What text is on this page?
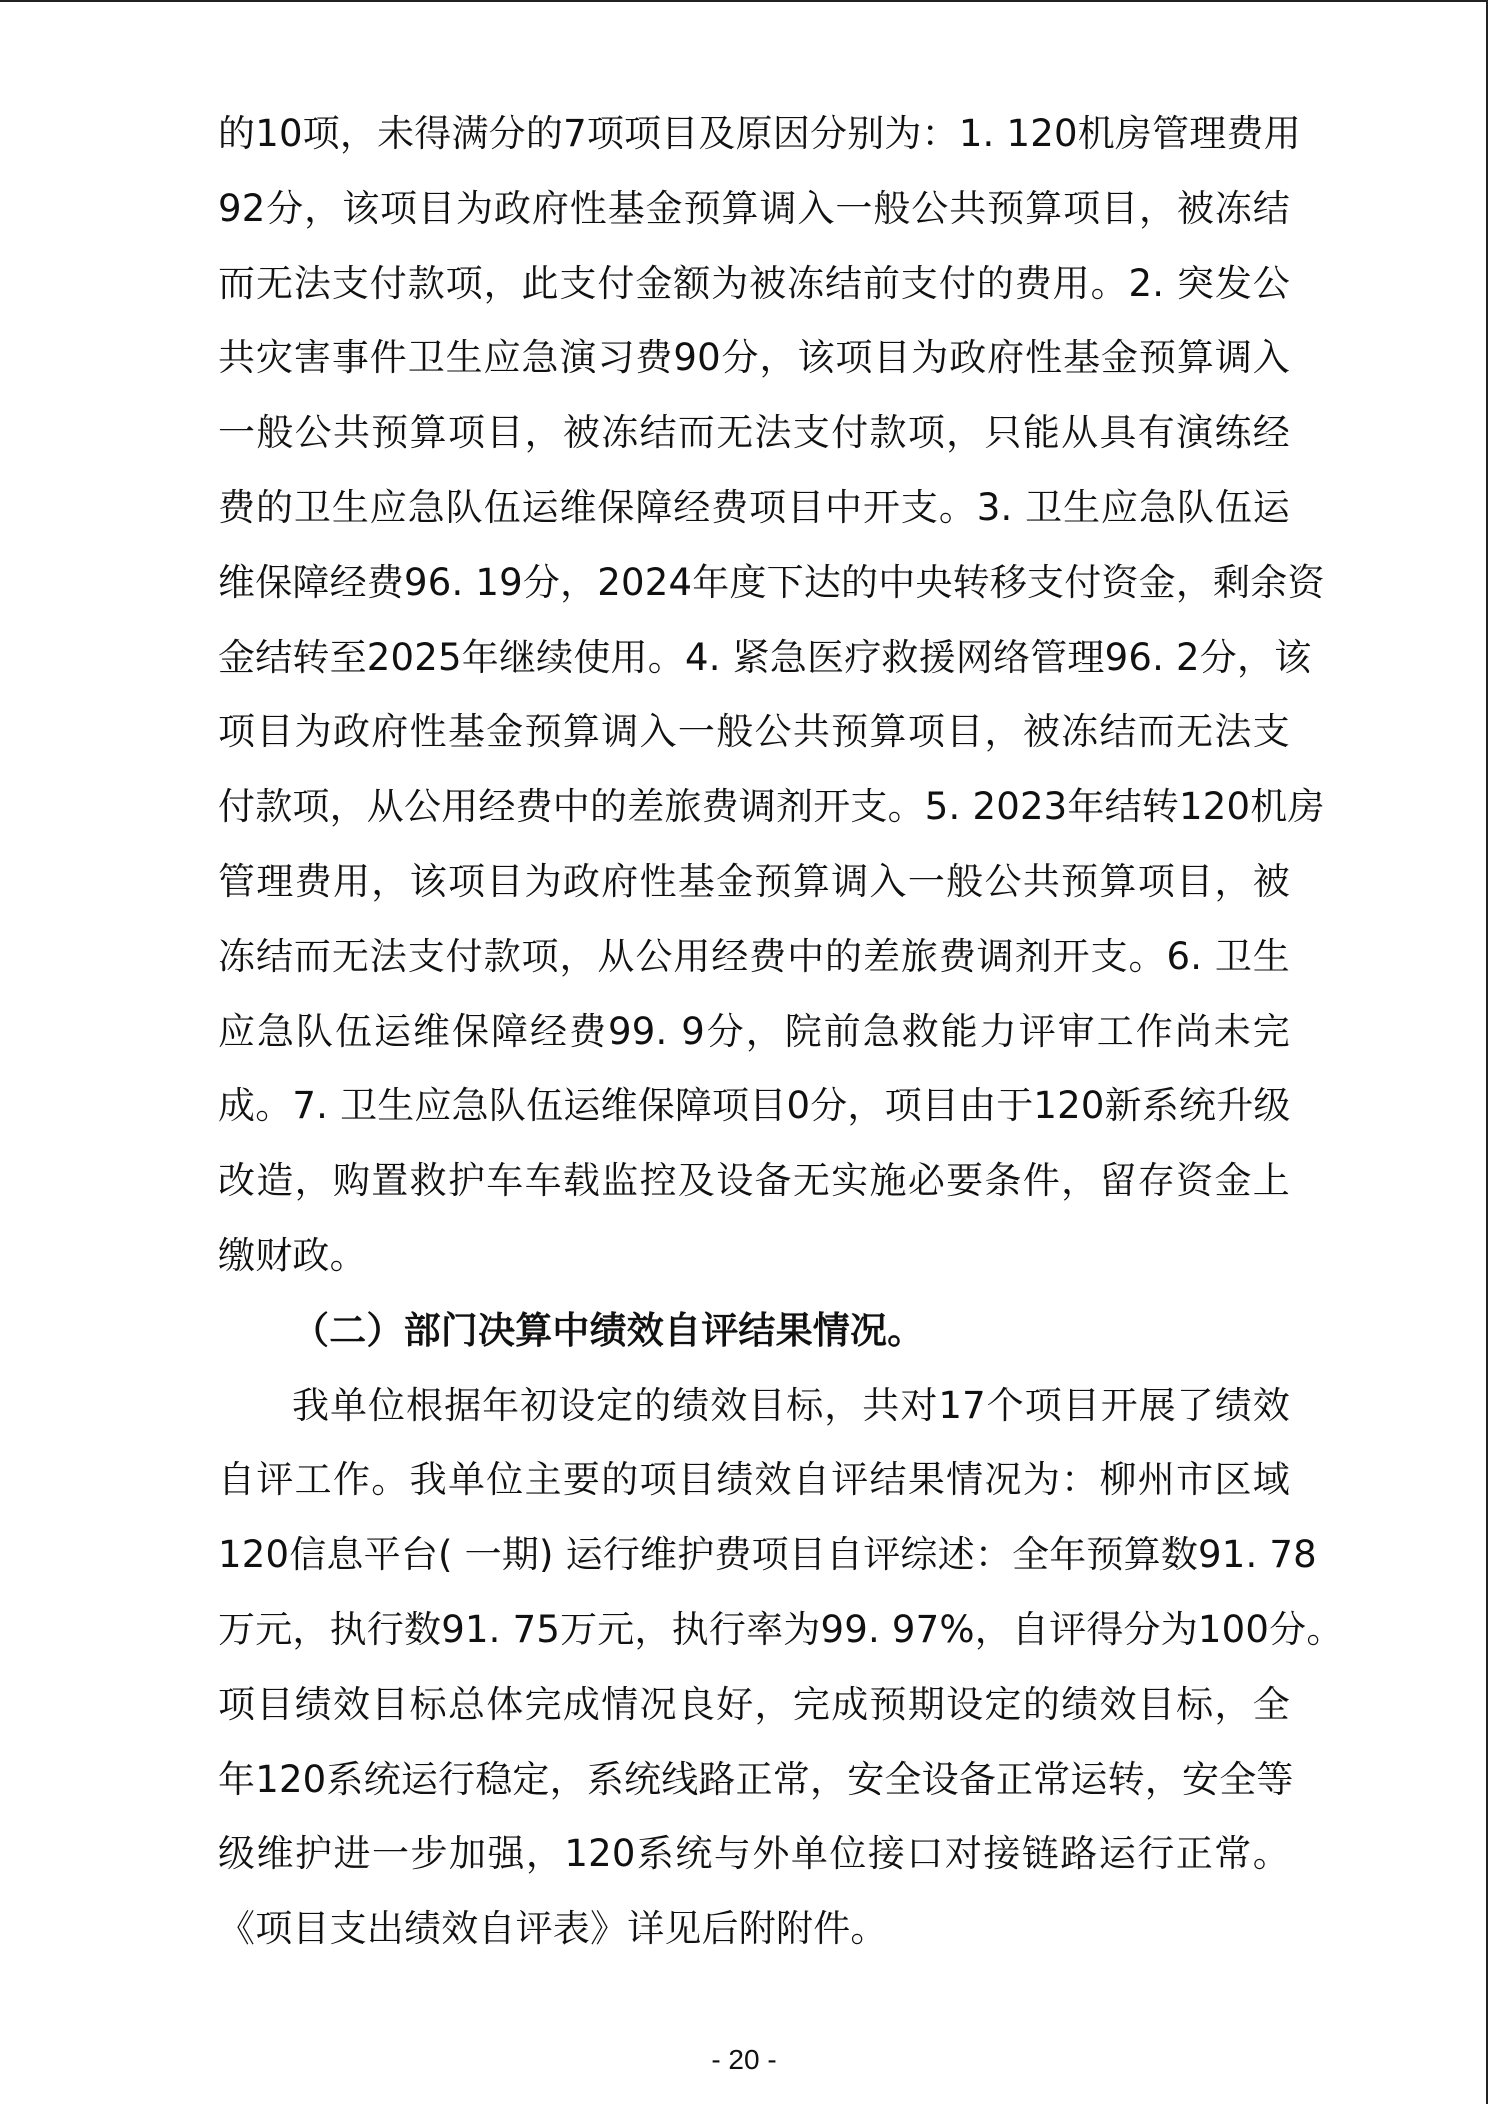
的10项，未得满分的7项项目及原因分别为：1. 120机房管理费用
92分，该项目为政府性基金预算调入一般公共预算项目，被冻结
而无法支付款项，此支付金额为被冻结前支付的费用。2. 突发公
共灾害事件卫生应急演习费90分，该项目为政府性基金预算调入
一般公共预算项目，被冻结而无法支付款项，只能从具有演练经
费的卫生应急队伍运维保障经费项目中开支。3. 卫生应急队伍运
维保障经费96. 19分，2024年度下达的中央转移支付资金，剩余资
金结转至2025年继续使用。4. 紧急医疗救援网络管理96. 2分，该
项目为政府性基金预算调入一般公共预算项目，被冻结而无法支
付款项，从公用经费中的差旅费调剂开支。5. 2023年结转120机房
管理费用，该项目为政府性基金预算调入一般公共预算项目，被
冻结而无法支付款项，从公用经费中的差旅费调剂开支。6. 卫生
应急队伍运维保障经费99. 9分，院前急救能力评审工作尚未完
成。7. 卫生应急队伍运维保障项目0分，项目由于120新系统升级
改造，购置救护车车载监控及设备无实施必要条件，留存资金上
缴财政。
（二）部门决算中绩效自评结果情况。
我单位根据年初设定的绩效目标，共对17个项目开展了绩效
自评工作。我单位主要的项目绩效自评结果情况为：柳州市区域
120信息平台( 一期) 运行维护费项目自评综述：全年预算数91. 78
万元，执行数91. 75万元，执行率为99. 97%，自评得分为100分。
项目绩效目标总体完成情况良好，完成预期设定的绩效目标，全
年120系统运行稳定，系统线路正常，安全设备正常运转，安全等
级维护进一步加强，120系统与外单位接口对接链路运行正常。
《项目支出绩效自评表》详见后附附件。
- 20 -
